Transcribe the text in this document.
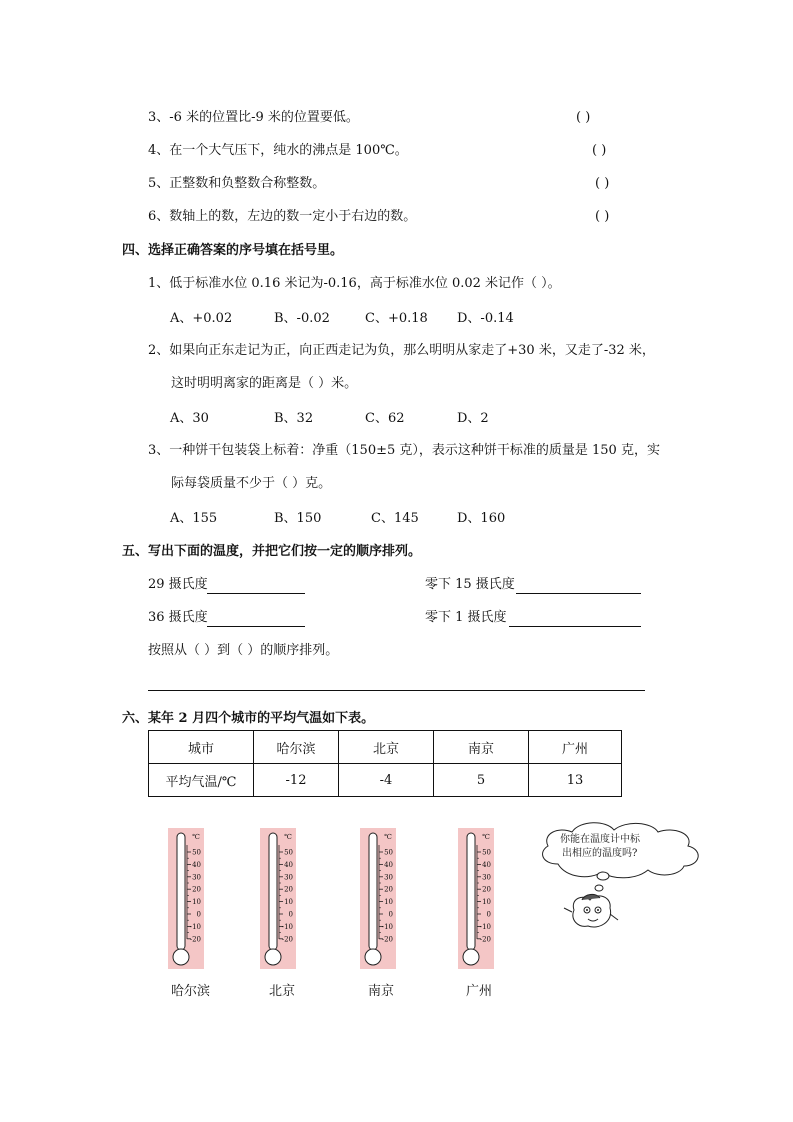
3、-6 米的位置比-9 米的位置要低。	( )
4、在一个大气压下，纯水的沸点是 100℃。	( )
5、正整数和负整数合称整数。	( )
6、数轴上的数，左边的数一定小于右边的数。	( )
四、选择正确答案的序号填在括号里。
1、低于标准水位 0.16 米记为-0.16，高于标准水位 0.02 米记作（ ）。
A、+0.02	B、-0.02	C、+0.18 D、-0.14
2、如果向正东走记为正，向正西走记为负，那么明明从家走了+30 米，又走了-32 米，
这时明明离家的距离是（ ）米。
A、30	B、32	C、62	D、2
3、一种饼干包装袋上标着：净重（150±5 克），表示这种饼干标准的质量是 150 克，实
际每袋质量不少于（ ）克。
A、155	B、150	C、145	D、160
五、写出下面的温度，并把它们按一定的顺序排列。
29 摄氏度	零下 15 摄氏度
36 摄氏度	零下 1 摄氏度
按照从（ ）到（ ）的顺序排列。
六、某年 2 月四个城市的平均气温如下表。
城市	哈尔滨	北京	南京	广州
平均气温/℃	-12	-4	5	13
℃
50
40
30
20
10
0
-10
-20
℃
50
40
30
20
10
0
-10
-20
℃
50
40
30
20
10
0
-10
-20
℃
50
40
30
20
10
0
-10
-20
哈尔滨	北京	南京	广州
你能在温度计中标
出相应的温度吗?
